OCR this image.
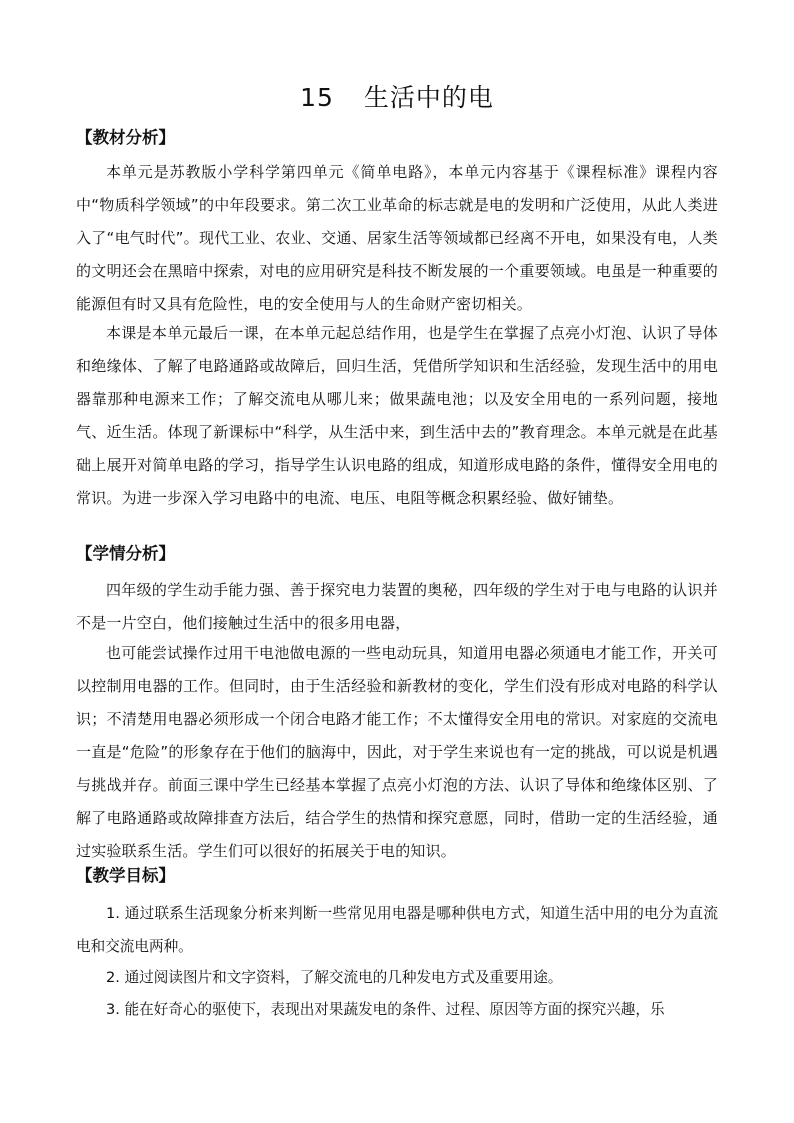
15 生活中的电
【教材分析】
本单元是苏教版小学科学第四单元《简单电路》，本单元内容基于《课程标准》课程内容中“物质科学领域”的中年段要求。第二次工业革命的标志就是电的发明和广泛使用，从此人类进入了“电气时代”。现代工业、农业、交通、居家生活等领域都已经离不开电，如果没有电，人类的文明还会在黑暗中探索，对电的应用研究是科技不断发展的一个重要领域。电虽是一种重要的能源但有时又具有危险性，电的安全使用与人的生命财产密切相关。
本课是本单元最后一课，在本单元起总结作用，也是学生在掌握了点亮小灯泡、认识了导体和绝缘体、了解了电路通路或故障后，回归生活，凭借所学知识和生活经验，发现生活中的用电器靠那种电源来工作；了解交流电从哪儿来；做果蔬电池；以及安全用电的一系列问题，接地气、近生活。体现了新课标中“科学，从生活中来，到生活中去的”教育理念。本单元就是在此基础上展开对简单电路的学习，指导学生认识电路的组成，知道形成电路的条件，懂得安全用电的常识。为进一步深入学习电路中的电流、电压、电阻等概念积累经验、做好铺垫。
【学情分析】
四年级的学生动手能力强、善于探究电力装置的奥秘，四年级的学生对于电与电路的认识并不是一片空白，他们接触过生活中的很多用电器，
也可能尝试操作过用干电池做电源的一些电动玩具，知道用电器必须通电才能工作，开关可以控制用电器的工作。但同时，由于生活经验和新教材的变化，学生们没有形成对电路的科学认识；不清楚用电器必须形成一个闭合电路才能工作；不太懂得安全用电的常识。对家庭的交流电一直是“危险”的形象存在于他们的脑海中，因此，对于学生来说也有一定的挑战，可以说是机遇与挑战并存。前面三课中学生已经基本掌握了点亮小灯泡的方法、认识了导体和绝缘体区别、了解了电路通路或故障排查方法后，结合学生的热情和探究意愿，同时，借助一定的生活经验，通过实验联系生活。学生们可以很好的拓展关于电的知识。
【教学目标】
1. 通过联系生活现象分析来判断一些常见用电器是哪种供电方式，知道生活中用的电分为直流电和交流电两种。
2. 通过阅读图片和文字资料，了解交流电的几种发电方式及重要用途。
3. 能在好奇心的驱使下，表现出对果蔬发电的条件、过程、原因等方面的探究兴趣，乐
